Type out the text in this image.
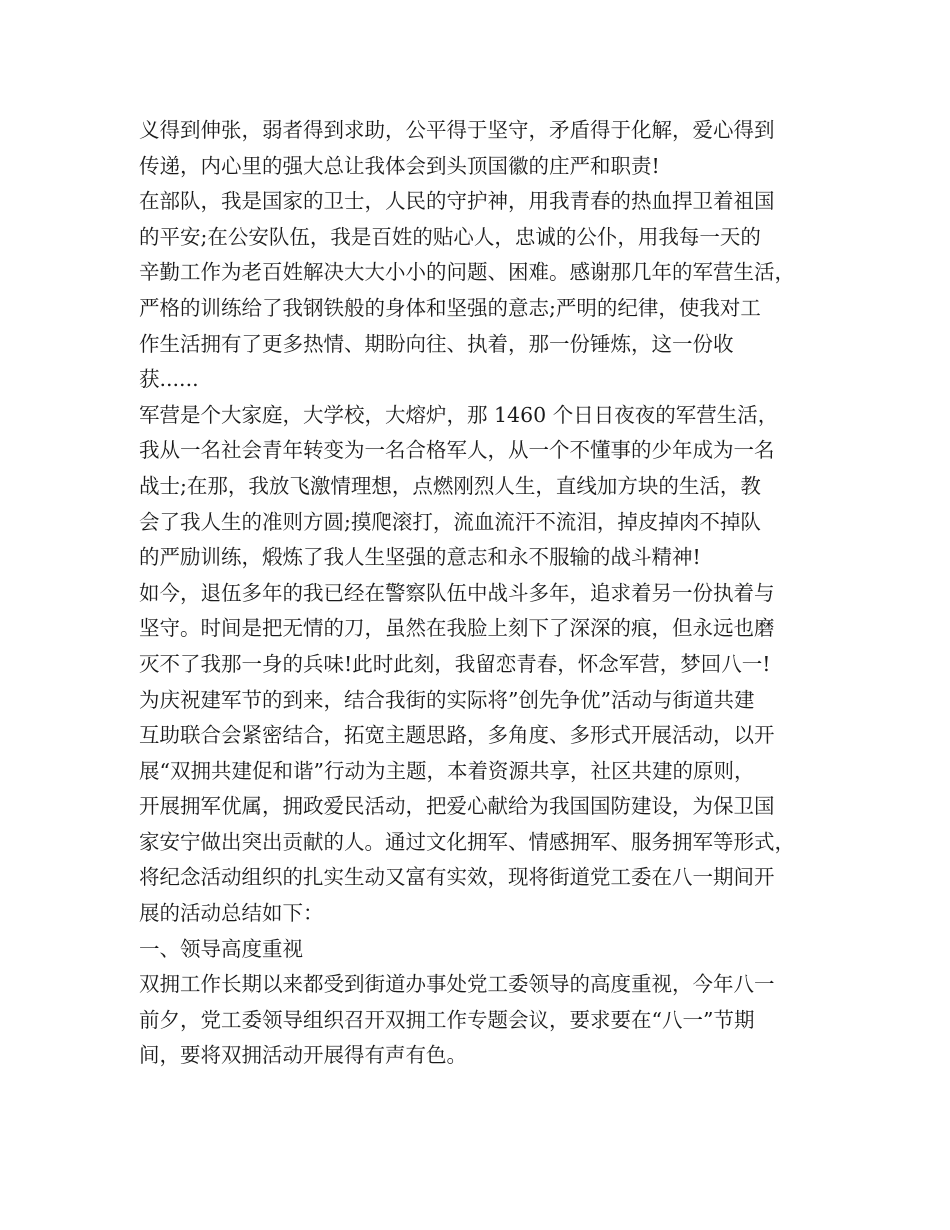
义得到伸张，弱者得到求助，公平得于坚守，矛盾得于化解，爱心得到
传递，内心里的强大总让我体会到头顶国徽的庄严和职责!
在部队，我是国家的卫士，人民的守护神，用我青春的热血捍卫着祖国
的平安;在公安队伍，我是百姓的贴心人，忠诚的公仆，用我每一天的
辛勤工作为老百姓解决大大小小的问题、困难。感谢那几年的军营生活，
严格的训练给了我钢铁般的身体和坚强的意志;严明的纪律，使我对工
作生活拥有了更多热情、期盼向往、执着，那一份锤炼，这一份收
获......
军营是个大家庭，大学校，大熔炉，那 1460 个日日夜夜的军营生活，
我从一名社会青年转变为一名合格军人，从一个不懂事的少年成为一名
战士;在那，我放飞激情理想，点燃刚烈人生，直线加方块的生活，教
会了我人生的准则方圆;摸爬滚打，流血流汗不流泪，掉皮掉肉不掉队
的严励训练，煅炼了我人生坚强的意志和永不服输的战斗精神!
如今，退伍多年的我已经在警察队伍中战斗多年，追求着另一份执着与
坚守。时间是把无情的刀，虽然在我脸上刻下了深深的痕，但永远也磨
灭不了我那一身的兵味!此时此刻，我留恋青春，怀念军营，梦回八一!
为庆祝建军节的到来，结合我街的实际将”创先争优”活动与街道共建
互助联合会紧密结合，拓宽主题思路，多角度、多形式开展活动，以开
展“双拥共建促和谐”行动为主题，本着资源共享，社区共建的原则，
开展拥军优属，拥政爱民活动，把爱心献给为我国国防建设，为保卫国
家安宁做出突出贡献的人。通过文化拥军、情感拥军、服务拥军等形式，
将纪念活动组织的扎实生动又富有实效，现将街道党工委在八一期间开
展的活动总结如下：
一、领导高度重视
双拥工作长期以来都受到街道办事处党工委领导的高度重视，今年八一
前夕，党工委领导组织召开双拥工作专题会议，要求要在“八一”节期
间，要将双拥活动开展得有声有色。
